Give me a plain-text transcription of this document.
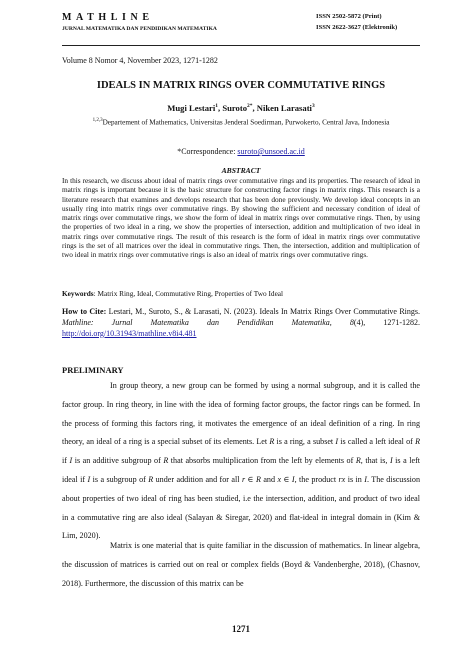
MATHLINE
JURNAL MATEMATIKA DAN PENDIDIKAN MATEMATIKA
ISSN 2502-5872 (Print)
ISSN 2622-3627 (Elektronik)
Volume 8 Nomor 4, November 2023, 1271-1282
IDEALS IN MATRIX RINGS OVER COMMUTATIVE RINGS
Mugi Lestari$^1$, Suroto$^{2*}$, Niken Larasati$^3$
$^{1,2,3}$Departement of Mathematics, Universitas Jenderal Soedirman, Purwokerto, Central Java, Indonesia
*Correspondence: suroto@unsoed.ac.id
ABSTRACT

In this research, we discuss about ideal of matrix rings over commutative rings and its properties. The research of ideal in matrix rings is important because it is the basic structure for constructing factor rings in matrix rings. This research is a literature research that examines and develops research that has been done previously. We develop ideal concepts in an usually ring into matrix rings over commutative rings. By showing the sufficient and necessary condition of ideal of matrix rings over commutative rings, we show the form of ideal in matrix rings over commutative rings. Then, by using the properties of two ideal in a ring, we show the properties of intersection, addition and multiplication of two ideal in matrix rings over commutative rings. The result of this research is the form of ideal in matrix rings over commutative rings is the set of all matrices over the ideal in commutative rings. Then, the intersection, addition and multiplication of two ideal in matrix rings over commutative rings is also an ideal of matrix rings over commutative rings.

Keywords: Matrix Ring, Ideal, Commutative Ring, Properties of Two Ideal

How to Cite: Lestari, M., Suroto, S., & Larasati, N. (2023). Ideals In Matrix Rings Over Commutative Rings. Mathline: Jurnal Matematika dan Pendidikan Matematika, 8(4), 1271-1282. http://doi.org/10.31943/mathline.v8i4.481

PRELIMINARY

In group theory, a new group can be formed by using a normal subgroup, and it is called the factor group. In ring theory, in line with the idea of forming factor groups, the factor rings can be formed. In the process of forming this factors ring, it motivates the emergence of an ideal definition of a ring. In ring theory, an ideal of a ring is a special subset of its elements. Let R is a ring, a subset I is called a left ideal of R if I is an additive subgroup of R that absorbs multiplication from the left by elements of R, that is, I is a left ideal if I is a subgroup of R under addition and for all r ∈ R and x ∈ I, the product rx is in I. The discussion about properties of two ideal of ring has been studied, i.e the intersection, addition, and product of two ideal in a commutative ring are also ideal (Salayan & Siregar, 2020) and flat-ideal in integral domain in (Kim & Lim, 2020).

Matrix is one material that is quite familiar in the discussion of mathematics. In linear algebra, the discussion of matrices is carried out on real or complex fields (Boyd & Vandenberghe, 2018), (Chasnov, 2018). Furthermore, the discussion of this matrix can be

1271
